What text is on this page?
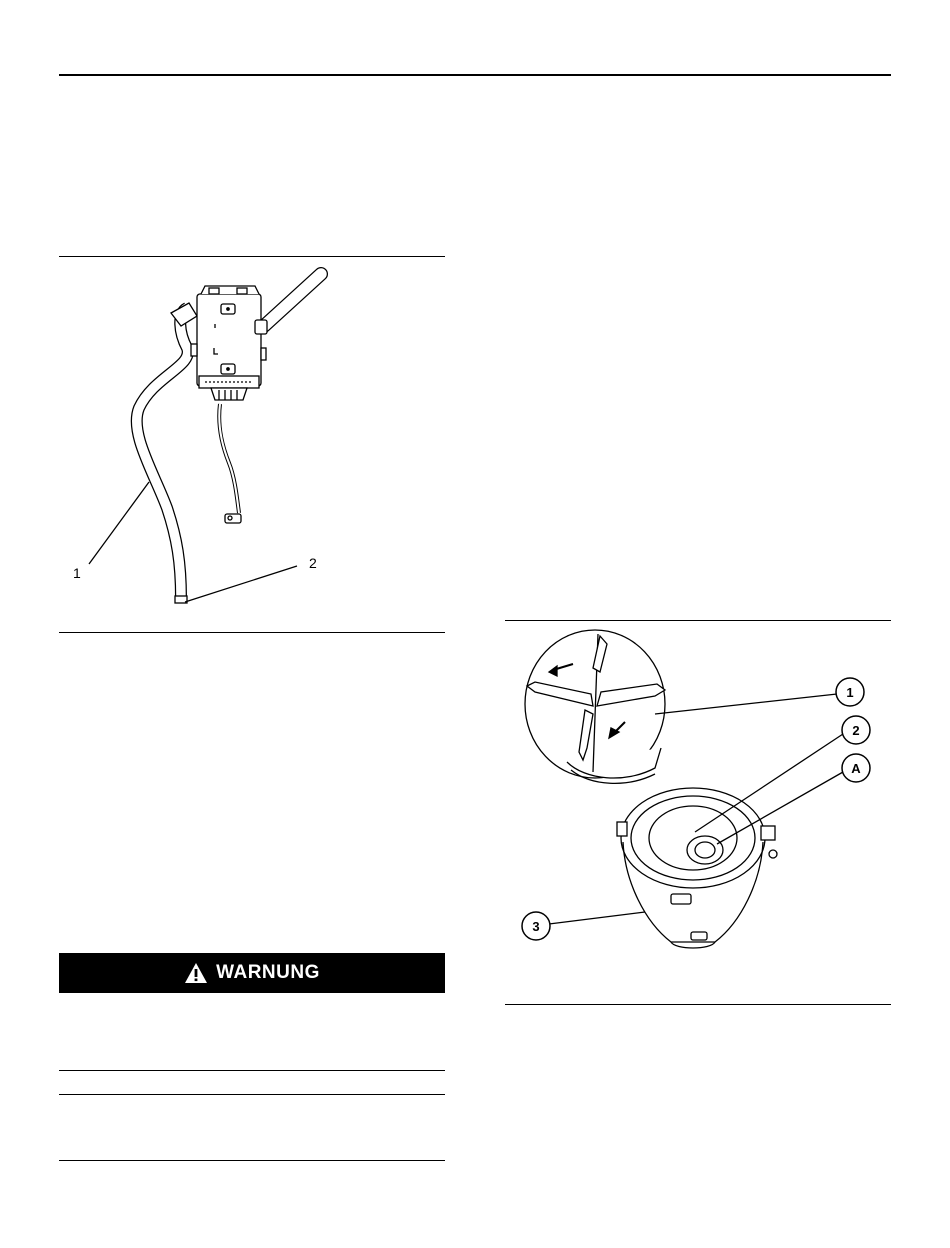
1
2
1
2
A
3
WARNUNG
